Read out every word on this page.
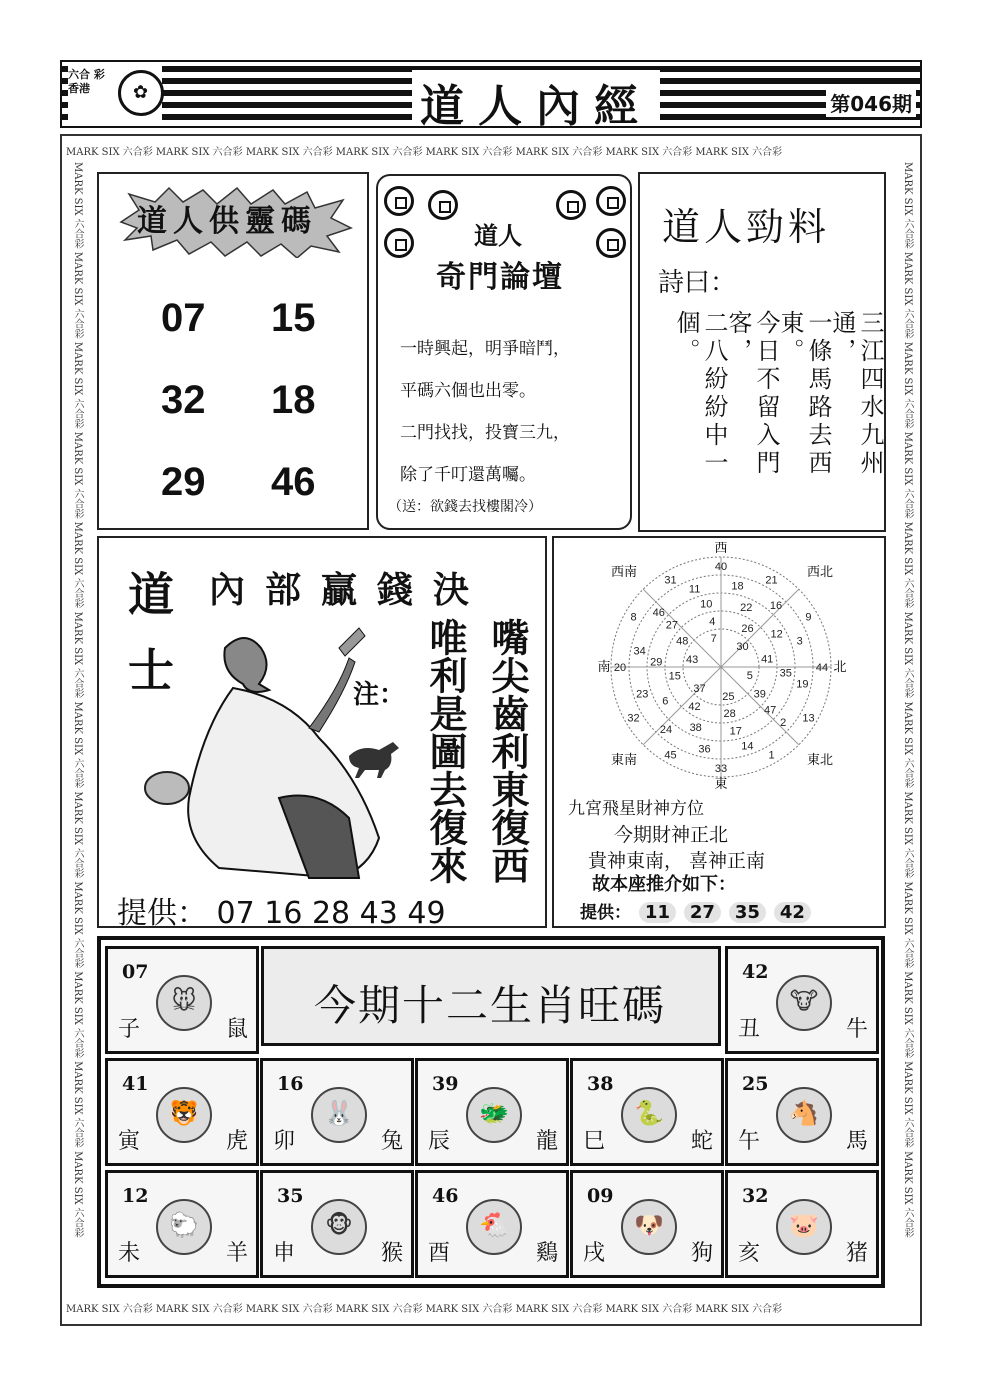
六合 彩 香港	✿	道人內經	第046期
MARK SIX 六合彩 MARK SIX 六合彩 MARK SIX 六合彩 MARK SIX 六合彩 MARK SIX 六合彩 MARK SIX 六合彩 MARK SIX 六合彩 MARK SIX 六合彩
MARK SIX 六合彩 MARK SIX 六合彩 MARK SIX 六合彩 MARK SIX 六合彩 MARK SIX 六合彩 MARK SIX 六合彩 MARK SIX 六合彩 MARK SIX 六合彩
MARK SIX 六合彩 MARK SIX 六合彩 MARK SIX 六合彩 MARK SIX 六合彩 MARK SIX 六合彩 MARK SIX 六合彩 MARK SIX 六合彩 MARK SIX 六合彩 MARK SIX 六合彩 MARK SIX 六合彩 MARK SIX 六合彩 MARK SIX 六合彩	MARK SIX 六合彩 MARK SIX 六合彩 MARK SIX 六合彩 MARK SIX 六合彩 MARK SIX 六合彩 MARK SIX 六合彩 MARK SIX 六合彩 MARK SIX 六合彩 MARK SIX 六合彩 MARK SIX 六合彩 MARK SIX 六合彩 MARK SIX 六合彩
道人供靈碼
07 15
32 18
29 46
道人
奇門論壇
一時興起，明爭暗鬥，
平碼六個也出零。
二門找找，投寶三九，
除了千叮還萬囑。
（送：欲錢去找樓閣冷）
道人勁料
詩曰：
三江四水九州通，
一條馬路去西東。
今日不留入門客，
二八紛紛中一個。
內部贏錢決
道士	注： 嘴尖齒利東復西
唯利是圖去復來
提供： 07 16 28 43 49
40
21
9
44
13
1
33
45
32
20
8
31
18
16
3
19
2
14
36
24
23
34
46
11
22
12
35
47
17
38
6
29
27
10
26
41
39
28
42
15
48
4
30
5
25
37
43
7
西
東
南	北
西南	西北
東南	東北
九宮飛星財神方位
今期財神正北
貴神東南， 喜神正南
故本座推介如下：
提供： 11 27 35 42
今期十二生肖旺碼
07
🐭
子	鼠
42
🐮
丑	牛
41
🐯
寅	虎
16
🐰
卯	兔
39
🐲
辰	龍
38
🐍
巳	蛇
25
🐴
午	馬
12
🐑
未	羊
35
🐵
申	猴
46
🐔
酉	鷄
09
🐶
戌	狗
32
🐷
亥	猪
